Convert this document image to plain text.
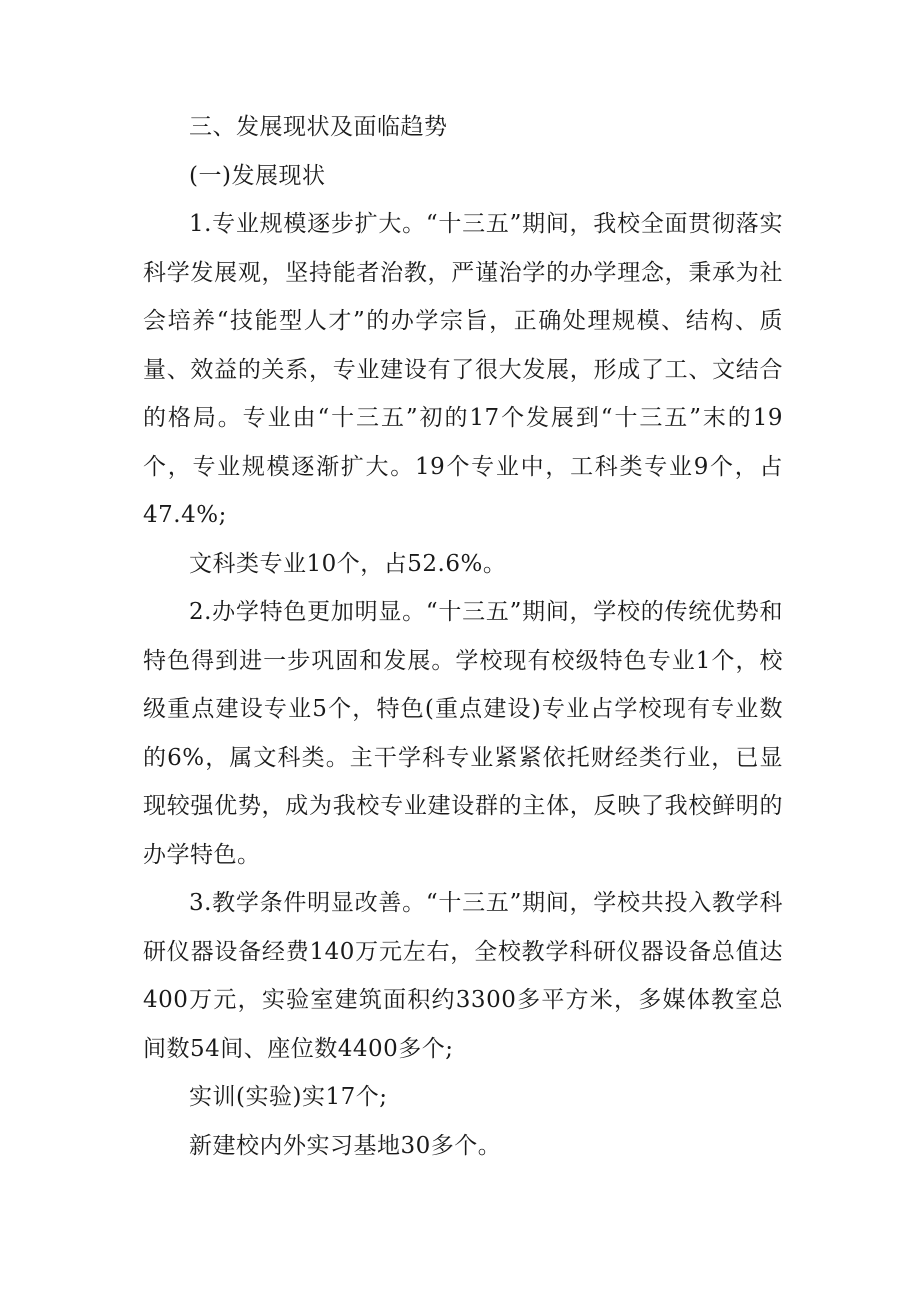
三、发展现状及面临趋势

(一)发展现状

1.专业规模逐步扩大。“十三五”期间，我校全面贯彻落实科学发展观，坚持能者治教，严谨治学的办学理念，秉承为社会培养“技能型人才”的办学宗旨，正确处理规模、结构、质量、效益的关系，专业建设有了很大发展，形成了工、文结合的格局。专业由“十三五”初的17个发展到“十三五”末的19个，专业规模逐渐扩大。19个专业中，工科类专业9个，占47.4%;

文科类专业10个，占52.6%。

2.办学特色更加明显。“十三五”期间，学校的传统优势和特色得到进一步巩固和发展。学校现有校级特色专业1个，校级重点建设专业5个，特色(重点建设)专业占学校现有专业数的6%，属文科类。主干学科专业紧紧依托财经类行业，已显现较强优势，成为我校专业建设群的主体，反映了我校鲜明的办学特色。

3.教学条件明显改善。“十三五”期间，学校共投入教学科研仪器设备经费140万元左右，全校教学科研仪器设备总值达400万元，实验室建筑面积约3300多平方米，多媒体教室总间数54间、座位数4400多个;

实训(实验)实17个;

新建校内外实习基地30多个。
